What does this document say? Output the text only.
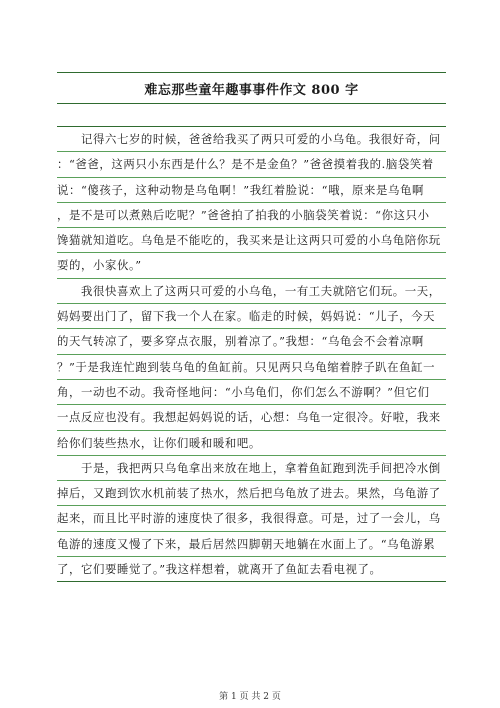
难忘那些童年趣事事件作文 800 字
　　记得六七岁的时候，爸爸给我买了两只可爱的小乌龟。我很好奇，问
：“爸爸，这两只小东西是什么？是不是金鱼？”爸爸摸着我的.脑袋笑着
说：“傻孩子，这种动物是乌龟啊！”我红着脸说：“哦，原来是乌龟啊
，是不是可以煮熟后吃呢？”爸爸拍了拍我的小脑袋笑着说：“你这只小
馋猫就知道吃。乌龟是不能吃的，我买来是让这两只可爱的小乌龟陪你玩
耍的，小家伙。”
　　我很快喜欢上了这两只可爱的小乌龟，一有工夫就陪它们玩。一天，
妈妈要出门了，留下我一个人在家。临走的时候，妈妈说：“儿子，今天
的天气转凉了，要多穿点衣服，别着凉了。”我想：“乌龟会不会着凉啊
？”于是我连忙跑到装乌龟的鱼缸前。只见两只乌龟缩着脖子趴在鱼缸一
角，一动也不动。我奇怪地问：“小乌龟们，你们怎么不游啊？”但它们
一点反应也没有。我想起妈妈说的话，心想：乌龟一定很冷。好啦，我来
给你们装些热水，让你们暖和暖和吧。
　　于是，我把两只乌龟拿出来放在地上，拿着鱼缸跑到洗手间把冷水倒
掉后，又跑到饮水机前装了热水，然后把乌龟放了进去。果然，乌龟游了
起来，而且比平时游的速度快了很多，我很得意。可是，过了一会儿，乌
龟游的速度又慢了下来，最后居然四脚朝天地躺在水面上了。“乌龟游累
了，它们要睡觉了。”我这样想着，就离开了鱼缸去看电视了。
第 1 页 共 2 页
